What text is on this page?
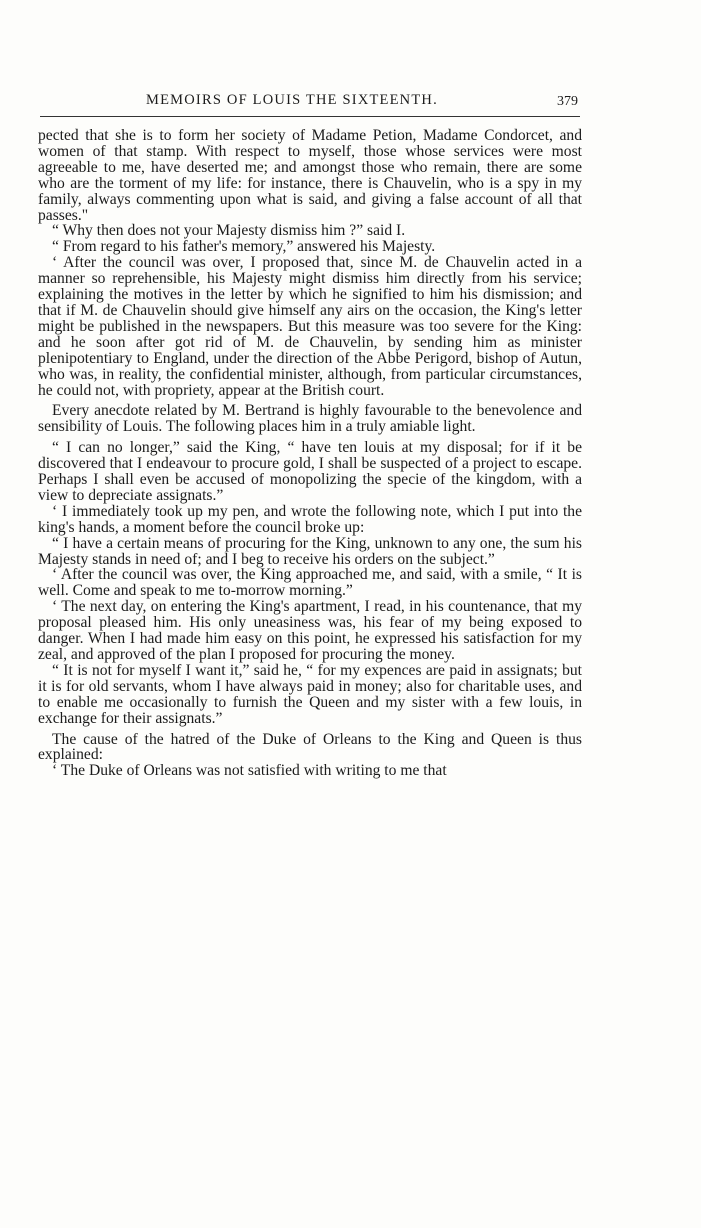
MEMOIRS OF LOUIS THE SIXTEENTH.	379

pected that she is to form her society of Madame Petion, Madame Condorcet, and women of that stamp. With respect to myself, those whose services were most agreeable to me, have deserted me; and amongst those who remain, there are some who are the torment of my life: for instance, there is Chauvelin, who is a spy in my family, always commenting upon what is said, and giving a false account of all that passes."

“ Why then does not your Majesty dismiss him ?” said I.

“ From regard to his father's memory,” answered his Majesty.

‘ After the council was over, I proposed that, since M. de Chauvelin acted in a manner so reprehensible, his Majesty might dismiss him directly from his service; explaining the motives in the letter by which he signified to him his dismission; and that if M. de Chauvelin should give himself any airs on the occasion, the King's letter might be published in the newspapers. But this measure was too severe for the King: and he soon after got rid of M. de Chauvelin, by sending him as minister plenipotentiary to England, under the direction of the Abbe Perigord, bishop of Autun, who was, in reality, the confidential minister, although, from particular circumstances, he could not, with propriety, appear at the British court.

Every anecdote related by M. Bertrand is highly favourable to the benevolence and sensibility of Louis. The following places him in a truly amiable light.

“ I can no longer,” said the King, “ have ten louis at my disposal; for if it be discovered that I endeavour to procure gold, I shall be suspected of a project to escape. Perhaps I shall even be accused of monopolizing the specie of the kingdom, with a view to depreciate assignats.”

‘ I immediately took up my pen, and wrote the following note, which I put into the king's hands, a moment before the council broke up:

“ I have a certain means of procuring for the King, unknown to any one, the sum his Majesty stands in need of; and I beg to receive his orders on the subject.”

‘ After the council was over, the King approached me, and said, with a smile, “ It is well. Come and speak to me to-morrow morning.”

‘ The next day, on entering the King's apartment, I read, in his countenance, that my proposal pleased him. His only uneasiness was, his fear of my being exposed to danger. When I had made him easy on this point, he expressed his satisfaction for my zeal, and approved of the plan I proposed for procuring the money.

“ It is not for myself I want it,” said he, “ for my expences are paid in assignats; but it is for old servants, whom I have always paid in money; also for charitable uses, and to enable me occasionally to furnish the Queen and my sister with a few louis, in exchange for their assignats.”

The cause of the hatred of the Duke of Orleans to the King and Queen is thus explained:

‘ The Duke of Orleans was not satisfied with writing to me that
